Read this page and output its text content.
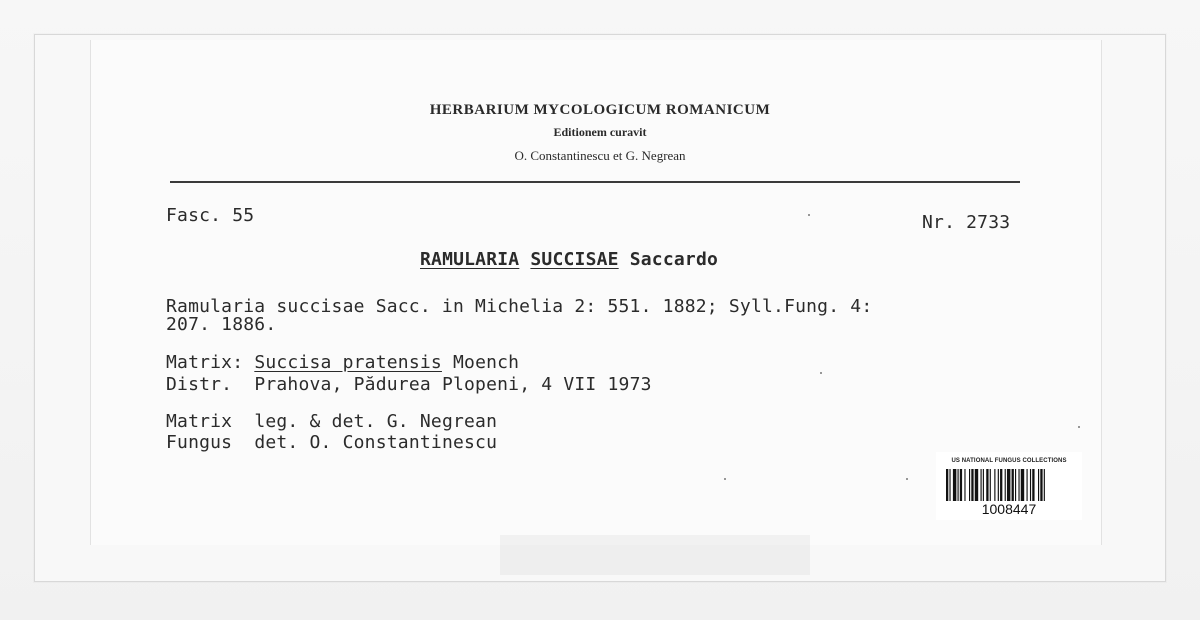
HERBARIUM MYCOLOGICUM ROMANICUM
Editionem curavit
O. Constantinescu et G. Negrean
Fasc. 55	Nr. 2733
RAMULARIA SUCCISAE Saccardo
Ramularia succisae Sacc. in Michelia 2: 551. 1882; Syll.Fung. 4:
207. 1886.
Matrix: Succisa pratensis Moench
Distr. Prahova, Pădurea Plopeni, 4 VII 1973
Matrix leg. & det. G. Negrean
Fungus det. O. Constantinescu
US NATIONAL FUNGUS COLLECTIONS
1008447
